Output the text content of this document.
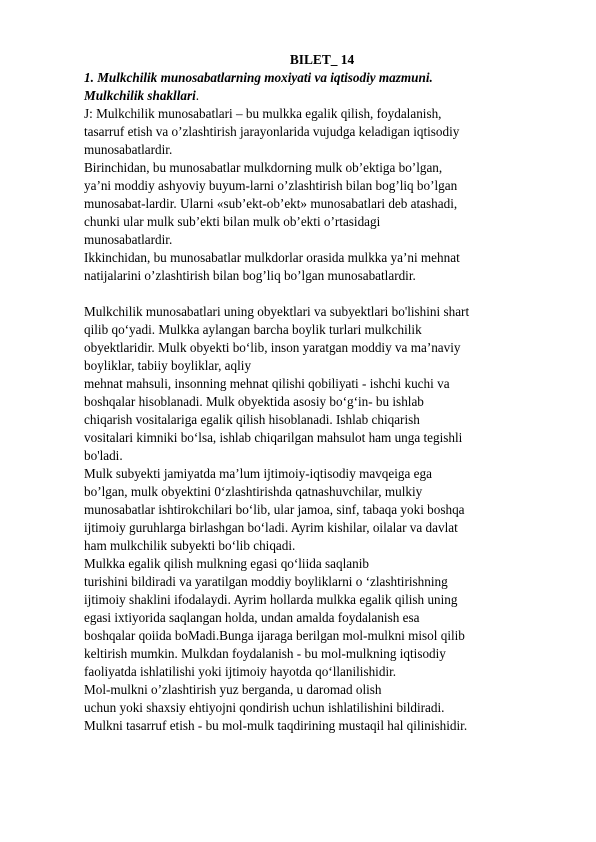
BILET_ 14
1. Mulkchilik munosabatlarning moxiyati va iqtisodiy mazmuni.
Mulkchilik shakllari.
J: Mulkchilik munosabatlari – bu mulkka egalik qilish, foydalanish,
tasarruf etish va o’zlashtirish jarayonlarida vujudga keladigan iqtisodiy
munosabatlardir.
Birinchidan, bu munosabatlar mulkdorning mulk ob’ektiga bo’lgan,
ya’ni moddiy ashyoviy buyum-larni o’zlashtirish bilan bog’liq bo’lgan
munosabat-lardir. Ularni «sub’ekt-ob’ekt» munosabatlari deb atashadi,
chunki ular mulk sub’ekti bilan mulk ob’ekti o’rtasidagi
munosabatlardir.
Ikkinchidan, bu munosabatlar mulkdorlar orasida mulkka ya’ni mehnat
natijalarini o’zlashtirish bilan bog’liq bo’lgan munosabatlardir.
Mulkchilik munosabatlari uning obyektlari va subyektlari bo'lishini shart
qilib qo‘yadi. Mulkka aylangan barcha boylik turlari mulkchilik
obyektlaridir. Mulk obyekti bo‘lib, inson yaratgan moddiy va ma’naviy
boyliklar, tabiiy boyliklar, aqliy
mehnat mahsuli, insonning mehnat qilishi qobiliyati - ishchi kuchi va
boshqalar hisoblanadi. Mulk obyektida asosiy bo‘g‘in- bu ishlab
chiqarish vositalariga egalik qilish hisoblanadi. Ishlab chiqarish
vositalari kimniki bo‘lsa, ishlab chiqarilgan mahsulot ham unga tegishli
bo'ladi.
Mulk subyekti jamiyatda ma’lum ijtimoiy-iqtisodiy mavqeiga ega
bo’lgan, mulk obyektini 0‘zlashtirishda qatnashuvchilar, mulkiy
munosabatlar ishtirokchilari bo‘lib, ular jamoa, sinf, tabaqa yoki boshqa
ijtimoiy guruhlarga birlashgan bo‘ladi. Ayrim kishilar, oilalar va davlat
ham mulkchilik subyekti bo‘lib chiqadi.
Mulkka egalik qilish mulkning egasi qo‘liida saqlanib
turishini bildiradi va yaratilgan moddiy boyliklarni o ‘zlashtirishning
ijtimoiy shaklini ifodalaydi. Ayrim hollarda mulkka egalik qilish uning
egasi ixtiyorida saqlangan holda, undan amalda foydalanish esa
boshqalar qoiida boMadi.Bunga ijaraga berilgan mol-mulkni misol qilib
keltirish mumkin. Mulkdan foydalanish - bu mol-mulkning iqtisodiy
faoliyatda ishlatilishi yoki ijtimoiy hayotda qo‘llanilishidir.
Mol-mulkni o’zlashtirish yuz berganda, u daromad olish
uchun yoki shaxsiy ehtiyojni qondirish uchun ishlatilishini bildiradi.
Mulkni tasarruf etish - bu mol-mulk taqdirining mustaqil hal qilinishidir.
